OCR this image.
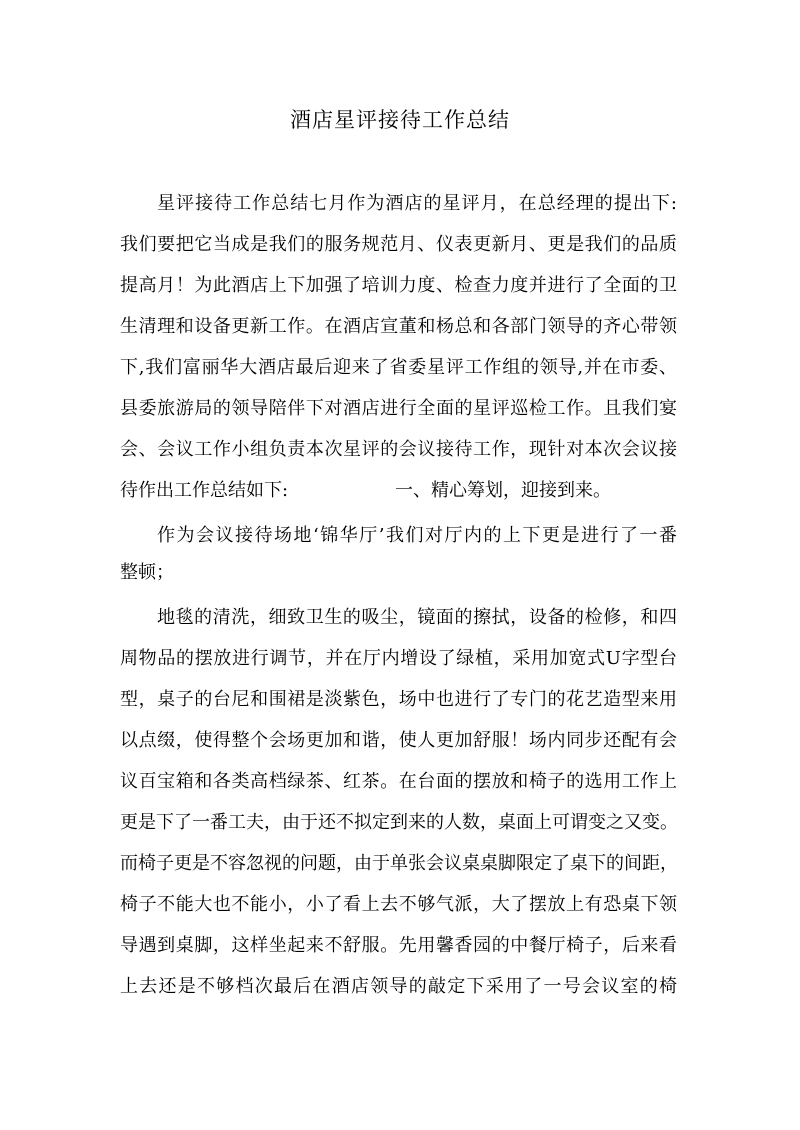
酒店星评接待工作总结
星评接待工作总结七月作为酒店的星评月，在总经理的提出下:
我们要把它当成是我们的服务规范月、仪表更新月、更是我们的品质
提高月！为此酒店上下加强了培训力度、检查力度并进行了全面的卫
生清理和设备更新工作。在酒店宣董和杨总和各部门领导的齐心带领
下,我们富丽华大酒店最后迎来了省委星评工作组的领导,并在市委、
县委旅游局的领导陪伴下对酒店进行全面的星评巡检工作。且我们宴
会、会议工作小组负责本次星评的会议接待工作，现针对本次会议接
待作出工作总结如下:	一、精心筹划，迎接到来。
作为会议接待场地‘锦华厅’我们对厅内的上下更是进行了一番
整顿；
地毯的清洗，细致卫生的吸尘，镜面的擦拭，设备的检修，和四
周物品的摆放进行调节，并在厅内增设了绿植，采用加宽式U字型台
型，桌子的台尼和围裙是淡紫色，场中也进行了专门的花艺造型来用
以点缀，使得整个会场更加和谐，使人更加舒服！场内同步还配有会
议百宝箱和各类高档绿茶、红茶。在台面的摆放和椅子的选用工作上
更是下了一番工夫，由于还不拟定到来的人数，桌面上可谓变之又变。
而椅子更是不容忽视的问题，由于单张会议桌桌脚限定了桌下的间距，
椅子不能大也不能小，小了看上去不够气派，大了摆放上有恐桌下领
导遇到桌脚，这样坐起来不舒服。先用馨香园的中餐厅椅子，后来看
上去还是不够档次最后在酒店领导的敲定下采用了一号会议室的椅
